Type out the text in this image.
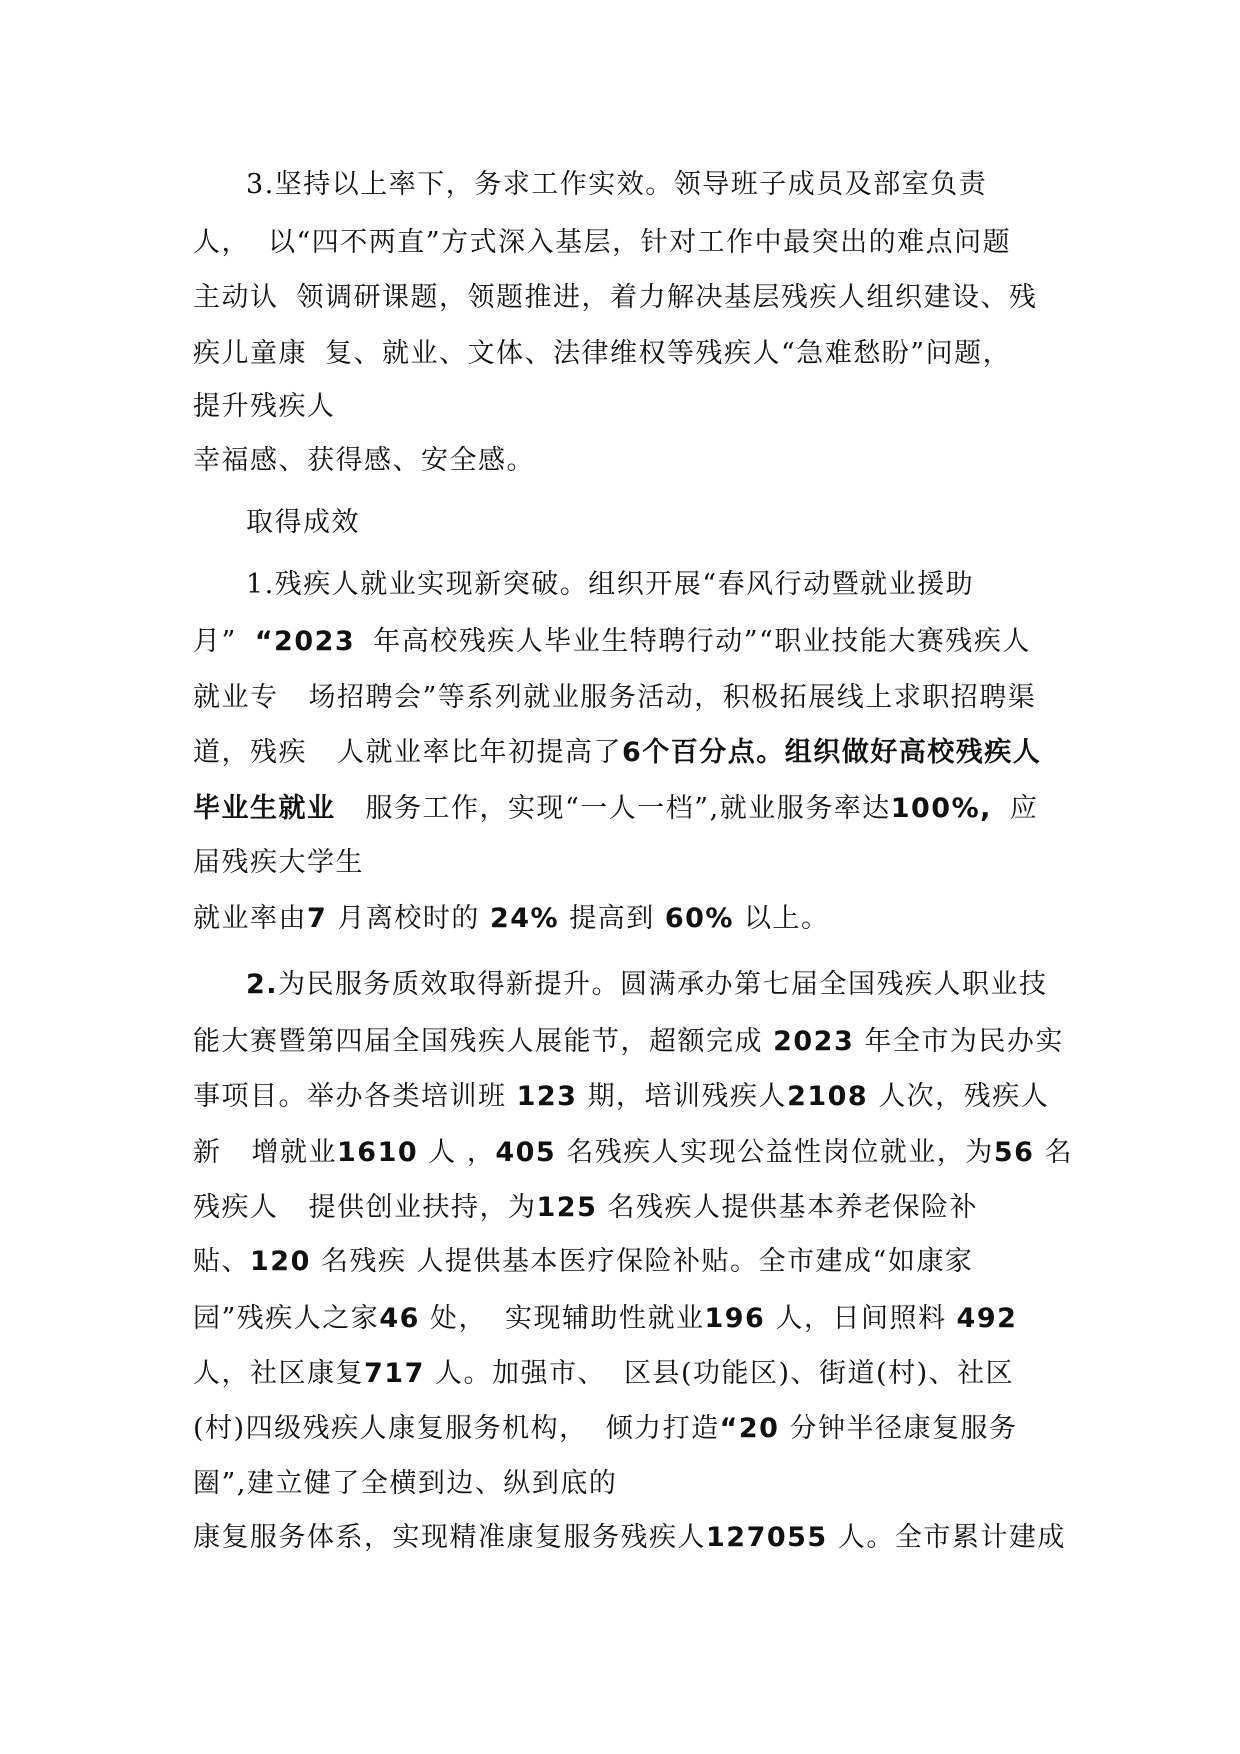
3.坚持以上率下，务求工作实效。领导班子成员及部室负责
人， 以“四不两直”方式深入基层，针对工作中最突出的难点问题
主动认 领调研课题，领题推进，着力解决基层残疾人组织建设、残
疾儿童康 复、就业、文体、法律维权等残疾人“急难愁盼”问题，
提升残疾人
幸福感、获得感、安全感。
取得成效
1.残疾人就业实现新突破。组织开展“春风行动暨就业援助
月” “2023 年高校残疾人毕业生特聘行动”“职业技能大赛残疾人
就业专 场招聘会”等系列就业服务活动，积极拓展线上求职招聘渠
道，残疾 人就业率比年初提高了6个百分点。组织做好高校残疾人
毕业生就业 服务工作，实现“一人一档”,就业服务率达100%, 应
届残疾大学生
就业率由7 月离校时的 24% 提高到 60% 以上。
2.为民服务质效取得新提升。圆满承办第七届全国残疾人职业技
能大赛暨第四届全国残疾人展能节，超额完成 2023 年全市为民办实
事项目。举办各类培训班 123 期，培训残疾人2108 人次，残疾人
新 增就业1610 人 ，405 名残疾人实现公益性岗位就业，为56 名
残疾人 提供创业扶持，为125 名残疾人提供基本养老保险补
贴、120 名残疾 人提供基本医疗保险补贴。全市建成“如康家
园”残疾人之家46 处， 实现辅助性就业196 人，日间照料 492
人，社区康复717 人。加强市、 区县(功能区)、街道(村)、社区
(村)四级残疾人康复服务机构， 倾力打造“20 分钟半径康复服务
圈”,建立健了全横到边、纵到底的
康复服务体系，实现精准康复服务残疾人127055 人。全市累计建成
